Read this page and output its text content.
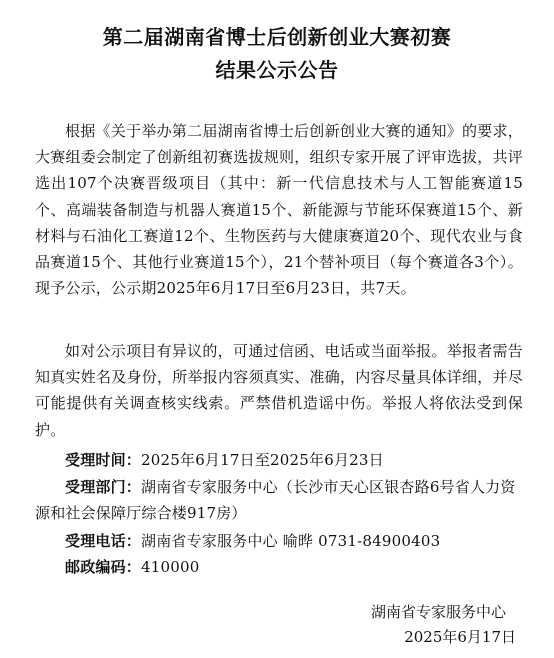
第二届湖南省博士后创新创业大赛初赛
结果公示公告
根据《关于举办第二届湖南省博士后创新创业大赛的通知》的要求，大赛组委会制定了创新组初赛选拔规则，组织专家开展了评审选拔，共评选出107个决赛晋级项目（其中：新一代信息技术与人工智能赛道15个、高端装备制造与机器人赛道15个、新能源与节能环保赛道15个、新材料与石油化工赛道12个、生物医药与大健康赛道20个、现代农业与食品赛道15个、其他行业赛道15个），21个替补项目（每个赛道各3个）。现予公示，公示期2025年6月17日至6月23日，共7天。
如对公示项目有异议的，可通过信函、电话或当面举报。举报者需告知真实姓名及身份，所举报内容须真实、准确，内容尽量具体详细，并尽可能提供有关调查核实线索。严禁借机造谣中伤。举报人将依法受到保护。
受理时间：2025年6月17日至2025年6月23日
受理部门：湖南省专家服务中心（长沙市天心区银杏路6号省人力资源和社会保障厅综合楼917房）
受理电话：湖南省专家服务中心 喻晔 0731-84900403
邮政编码：410000
湖南省专家服务中心
2025年6月17日
